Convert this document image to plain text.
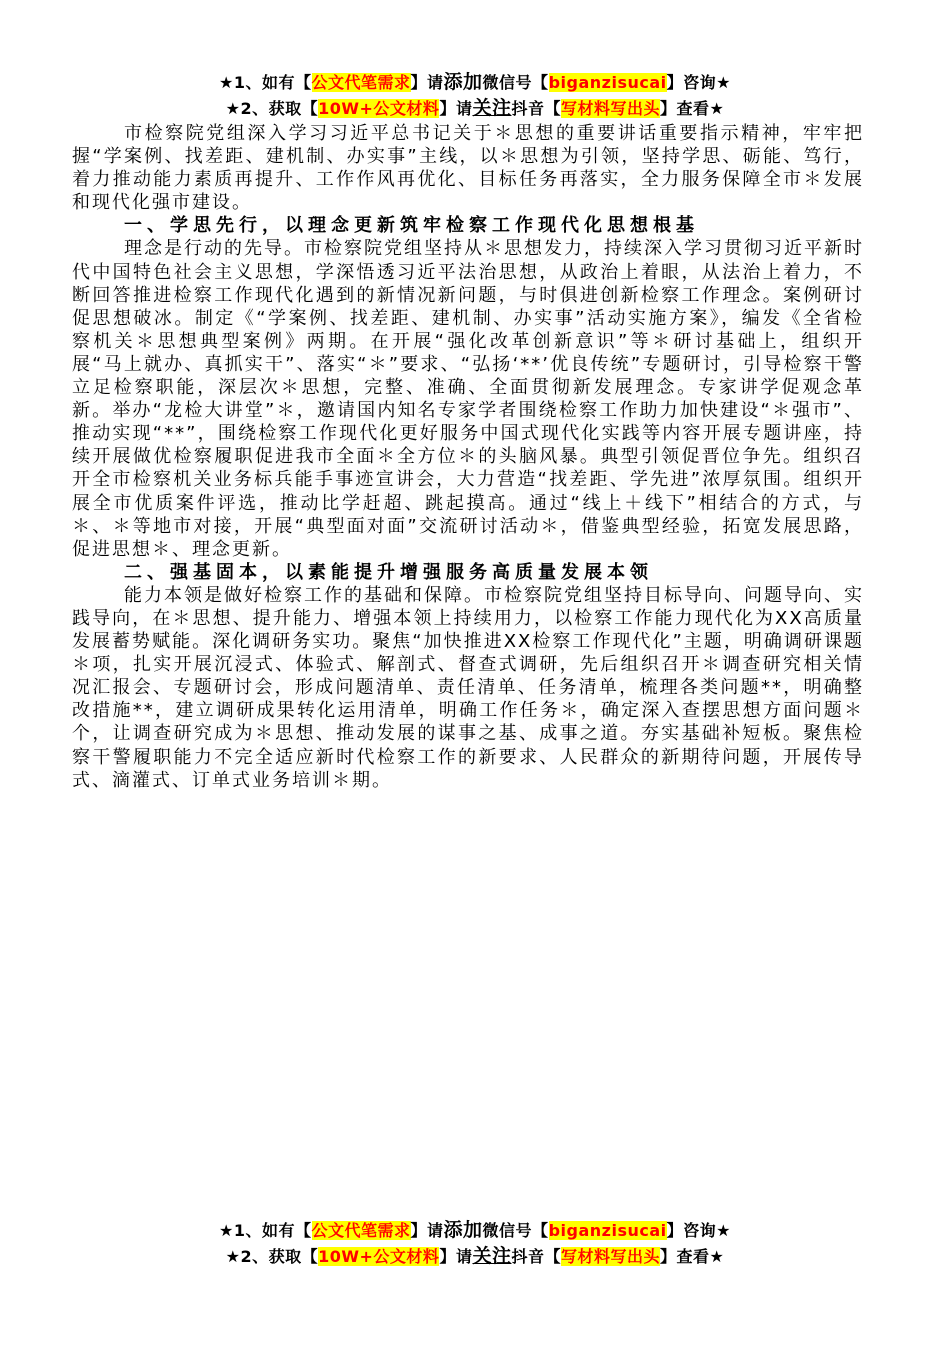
★1、如有【公文代笔需求】请添加微信号【biganzisucai】咨询★
★2、获取【10W+公文材料】请关注抖音【写材料写出头】查看★

市检察院党组深入学习习近平总书记关于＊思想的重要讲话重要指示精神，牢牢把握“学案例、找差距、建机制、办实事”主线，以＊思想为引领，坚持学思、砺能、笃行，着力推动能力素质再提升、工作作风再优化、目标任务再落实，全力服务保障全市＊发展和现代化强市建设。

一、学思先行，以理念更新筑牢检察工作现代化思想根基

理念是行动的先导。市检察院党组坚持从＊思想发力，持续深入学习贯彻习近平新时代中国特色社会主义思想，学深悟透习近平法治思想，从政治上着眼，从法治上着力，不断回答推进检察工作现代化遇到的新情况新问题，与时俱进创新检察工作理念。案例研讨促思想破冰。制定《“学案例、找差距、建机制、办实事”活动实施方案》，编发《全省检察机关＊思想典型案例》两期。在开展“强化改革创新意识”等＊研讨基础上，组织开展“马上就办、真抓实干”、落实“＊”要求、“弘扬‘**’优良传统”专题研讨，引导检察干警立足检察职能，深层次＊思想，完整、准确、全面贯彻新发展理念。专家讲学促观念革新。举办“龙检大讲堂”＊，邀请国内知名专家学者围绕检察工作助力加快建设“＊强市”、推动实现“**”，围绕检察工作现代化更好服务中国式现代化实践等内容开展专题讲座，持续开展做优检察履职促进我市全面＊全方位＊的头脑风暴。典型引领促晋位争先。组织召开全市检察机关业务标兵能手事迹宣讲会，大力营造“找差距、学先进”浓厚氛围。组织开展全市优质案件评选，推动比学赶超、跳起摸高。通过“线上＋线下”相结合的方式，与＊、＊等地市对接，开展“典型面对面”交流研讨活动＊，借鉴典型经验，拓宽发展思路，促进思想＊、理念更新。

二、强基固本，以素能提升增强服务高质量发展本领

能力本领是做好检察工作的基础和保障。市检察院党组坚持目标导向、问题导向、实践导向，在＊思想、提升能力、增强本领上持续用力，以检察工作能力现代化为XX高质量发展蓄势赋能。深化调研务实功。聚焦“加快推进XX检察工作现代化”主题，明确调研课题＊项，扎实开展沉浸式、体验式、解剖式、督查式调研，先后组织召开＊调查研究相关情况汇报会、专题研讨会，形成问题清单、责任清单、任务清单，梳理各类问题**，明确整改措施**，建立调研成果转化运用清单，明确工作任务＊，确定深入查摆思想方面问题＊个，让调查研究成为＊思想、推动发展的谋事之基、成事之道。夯实基础补短板。聚焦检察干警履职能力不完全适应新时代检察工作的新要求、人民群众的新期待问题，开展传导式、滴灌式、订单式业务培训＊期。

★1、如有【公文代笔需求】请添加微信号【biganzisucai】咨询★
★2、获取【10W+公文材料】请关注抖音【写材料写出头】查看★
